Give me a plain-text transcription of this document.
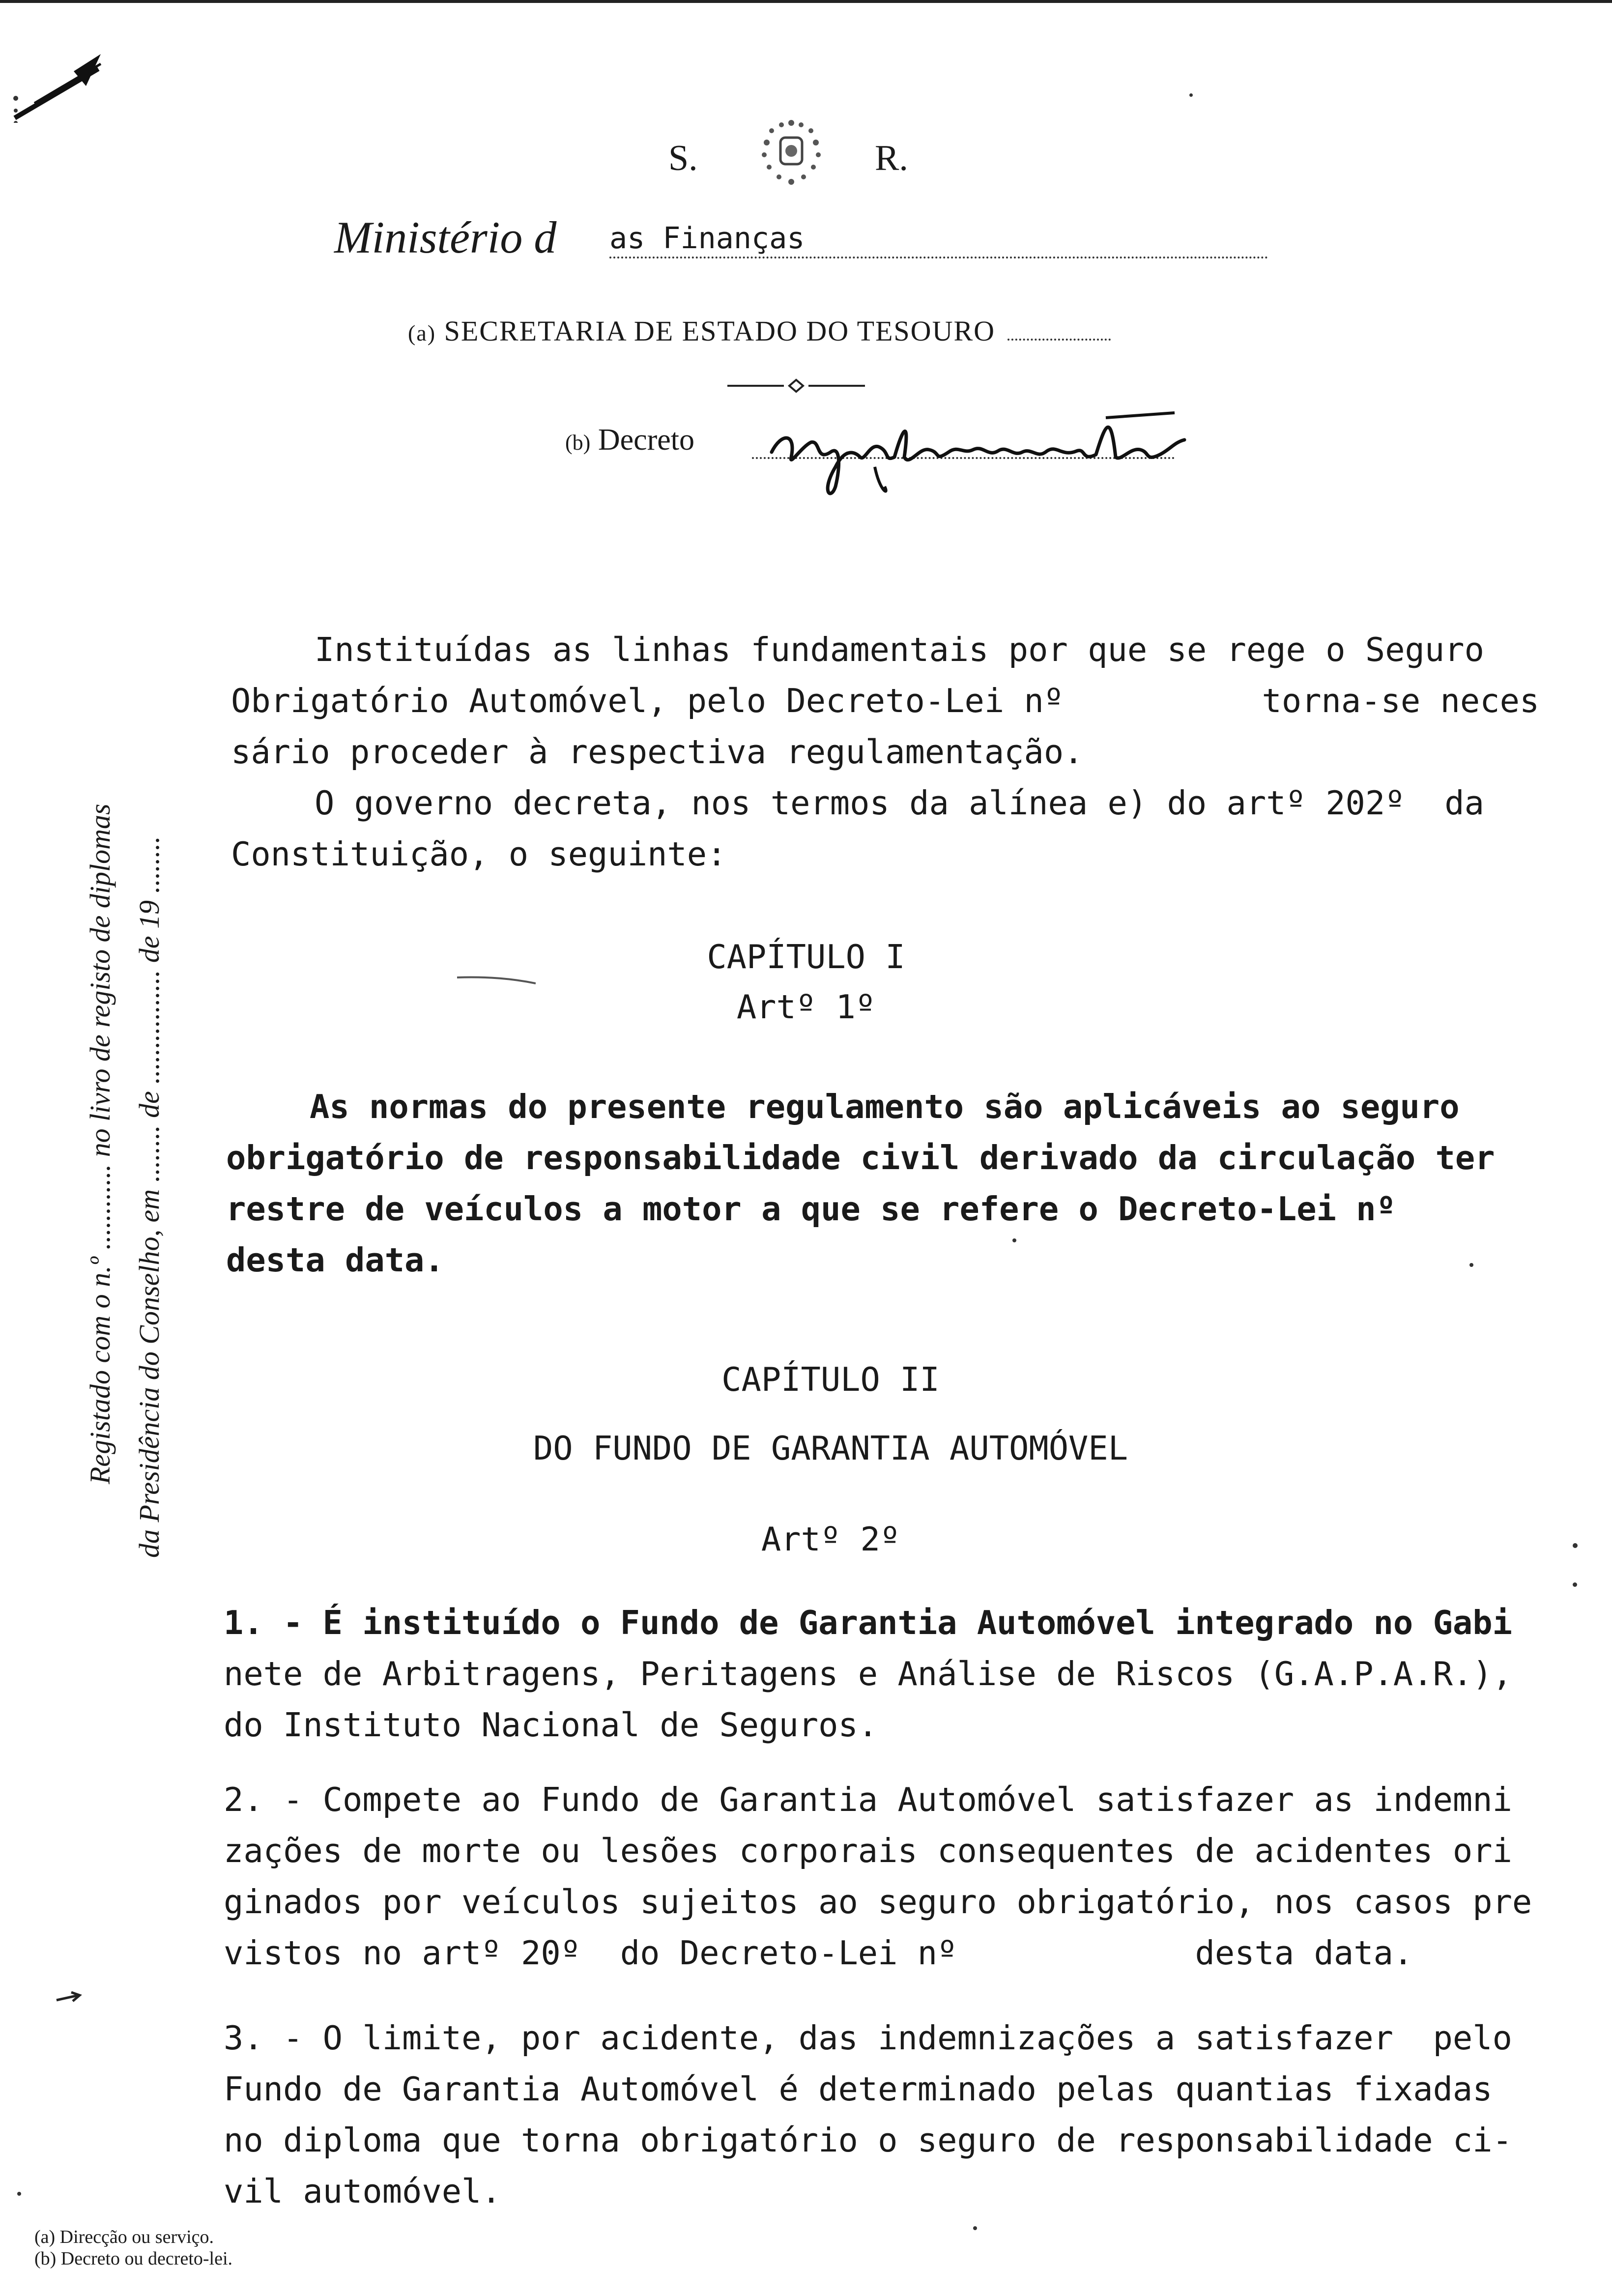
S.	R.
Ministério d as Finanças
(a) SECRETARIA DE ESTADO DO TESOURO
(b) Decreto
Instituídas as linhas fundamentais por que se rege o Seguro
Obrigatório Automóvel, pelo Decreto-Lei nº          torna-se neces
sário proceder à respectiva regulamentação.
O governo decreta, nos termos da alínea e) do artº 202º  da
Constituição, o seguinte:
CAPÍTULO I
Artº 1º
As normas do presente regulamento são aplicáveis ao seguro
obrigatório de responsabilidade civil derivado da circulação ter
restre de veículos a motor a que se refere o Decreto-Lei nº
desta data.
CAPÍTULO II
DO FUNDO DE GARANTIA AUTOMÓVEL
Artº 2º
1. - É instituído o Fundo de Garantia Automóvel integrado no Gabi
nete de Arbitragens, Peritagens e Análise de Riscos (G.A.P.A.R.),
do Instituto Nacional de Seguros.
2. - Compete ao Fundo de Garantia Automóvel satisfazer as indemni
zações de morte ou lesões corporais consequentes de acidentes ori
ginados por veículos sujeitos ao seguro obrigatório, nos casos pre
vistos no artº 20º  do Decreto-Lei nº            desta data.
3. - O limite, por acidente, das indemnizações a satisfazer  pelo
Fundo de Garantia Automóvel é determinado pelas quantias fixadas
no diploma que torna obrigatório o seguro de responsabilidade ci-
vil automóvel.
Registado com o n.º ............ no livro de registo de diplomas da Presidência do Conselho, em ........ de ................ de 19 ........
(a) Direcção ou serviço.
(b) Decreto ou decreto-lei.
